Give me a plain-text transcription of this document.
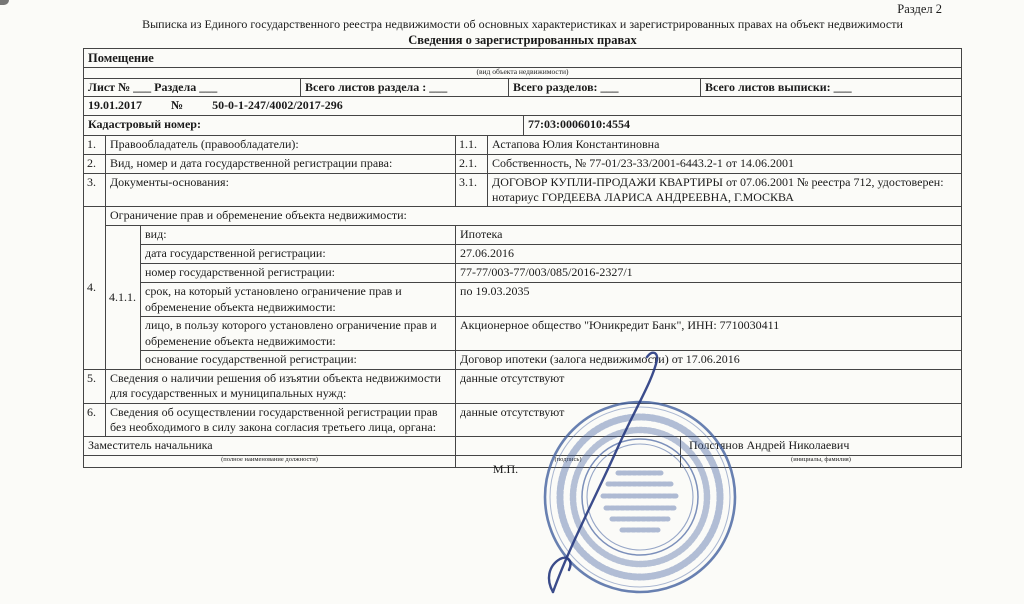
Раздел 2
Выписка из Единого государственного реестра недвижимости об основных характеристиках и зарегистрированных правах на объект недвижимости
Сведения о зарегистрированных правах
Помещение
(вид объекта недвижимости)
Лист № ___ Раздела ___	Всего листов раздела : ___	Всего разделов: ___	Всего листов выписки: ___
19.01.2017 № 50-0-1-247/4002/2017-296
Кадастровый номер:	77:03:0006010:4554
1.	Правообладатель (правообладатели):		1.1.	Астапова Юлия Константиновна
2.	Вид, номер и дата государственной регистрации права:		2.1.	Собственность, № 77-01/23-33/2001-6443.2-1 от 14.06.2001
3.	Документы-основания:		3.1.	ДОГОВОР КУПЛИ-ПРОДАЖИ КВАРТИРЫ от 07.06.2001 № реестра 712, удостоверен: нотариус ГОРДЕЕВА ЛАРИСА АНДРЕЕВНА, Г.МОСКВА
4.	Ограничение прав и обременение объекта недвижимости:			
	4.1.1.	вид:	Ипотека	
		дата государственной регистрации:	27.06.2016	
		номер государственной регистрации:	77-77/003-77/003/085/2016-2327/1	
		срок, на который установлено ограничение прав и обременение объекта недвижимости:	по 19.03.2035	
		лицо, в пользу которого установлено ограничение прав и обременение объекта недвижимости:	Акционерное общество "Юникредит Банк", ИНН: 7710030411	
		основание государственной регистрации:	Договор ипотеки (залога недвижимости) от 17.06.2016	
5.	Сведения о наличии решения об изъятии объекта недвижимости для государственных и муниципальных нужд:		данные отсутствуют	
6.	Сведения об осуществлении государственной регистрации прав без необходимого в силу закона согласия третьего лица, органа:		данные отсутствуют	
Заместитель начальника		Полстянов Андрей Николаевич
(полное наименование должности)	(подпись)	(инициалы, фамилия)
М.П.
